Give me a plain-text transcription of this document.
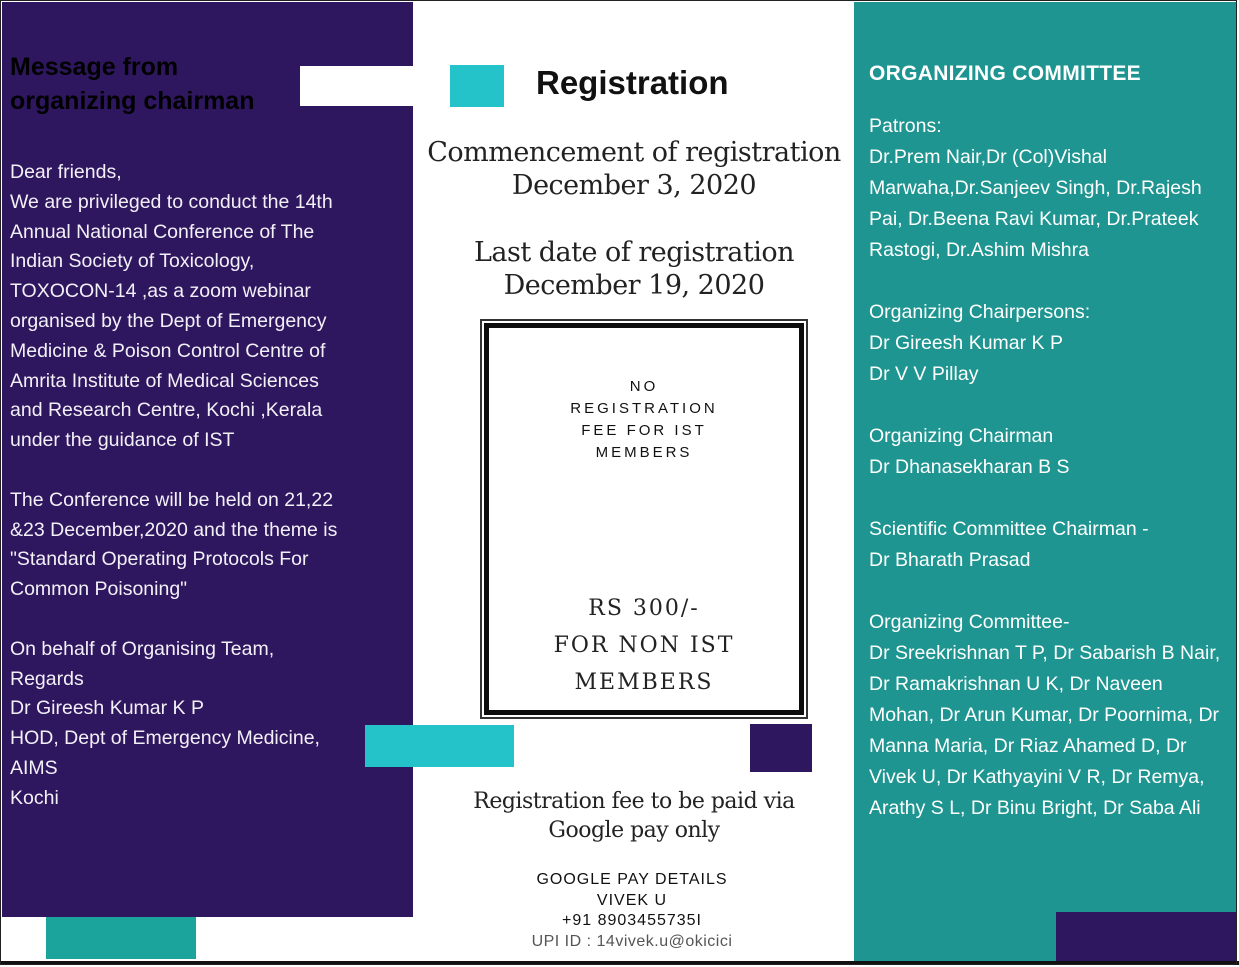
Message from
organizing chairman

Dear friends,
We are privileged to conduct the 14th Annual National Conference of The Indian Society of Toxicology, TOXOCON-14 ,as a zoom webinar organised by the Dept of Emergency Medicine & Poison Control Centre of Amrita Institute of Medical Sciences and Research Centre, Kochi ,Kerala under the guidance of IST

The Conference will be held on 21,22 &23 December,2020 and the theme is "Standard Operating Protocols For Common Poisoning"

On behalf of Organising Team,
Regards
Dr Gireesh Kumar K P
HOD, Dept of Emergency Medicine, AIMS
Kochi

Registration
Commencement of registration December 3, 2020
Last date of registration December 19, 2020
NO
REGISTRATION
FEE FOR IST
MEMBERS
RS 300/-
FOR NON IST
MEMBERS
Registration fee to be paid via
Google pay only
GOOGLE PAY DETAILS
VIVEK U
+91 8903455735I
UPI ID : 14vivek.u@okicici
ORGANIZING COMMITTEE

Patrons:
Dr.Prem Nair,Dr (Col)Vishal Marwaha,Dr.Sanjeev Singh, Dr.Rajesh Pai, Dr.Beena Ravi Kumar, Dr.Prateek Rastogi, Dr.Ashim Mishra

Organizing Chairpersons:
Dr Gireesh Kumar K P
Dr V V Pillay

Organizing Chairman
Dr Dhanasekharan B S

Scientific Committee Chairman -
Dr Bharath Prasad

Organizing Committee-
Dr Sreekrishnan T P, Dr Sabarish B Nair, Dr Ramakrishnan U K, Dr Naveen Mohan, Dr Arun Kumar, Dr Poornima, Dr Manna Maria, Dr Riaz Ahamed D, Dr Vivek U, Dr Kathyayini V R, Dr Remya, Arathy S L, Dr Binu Bright, Dr Saba Ali
